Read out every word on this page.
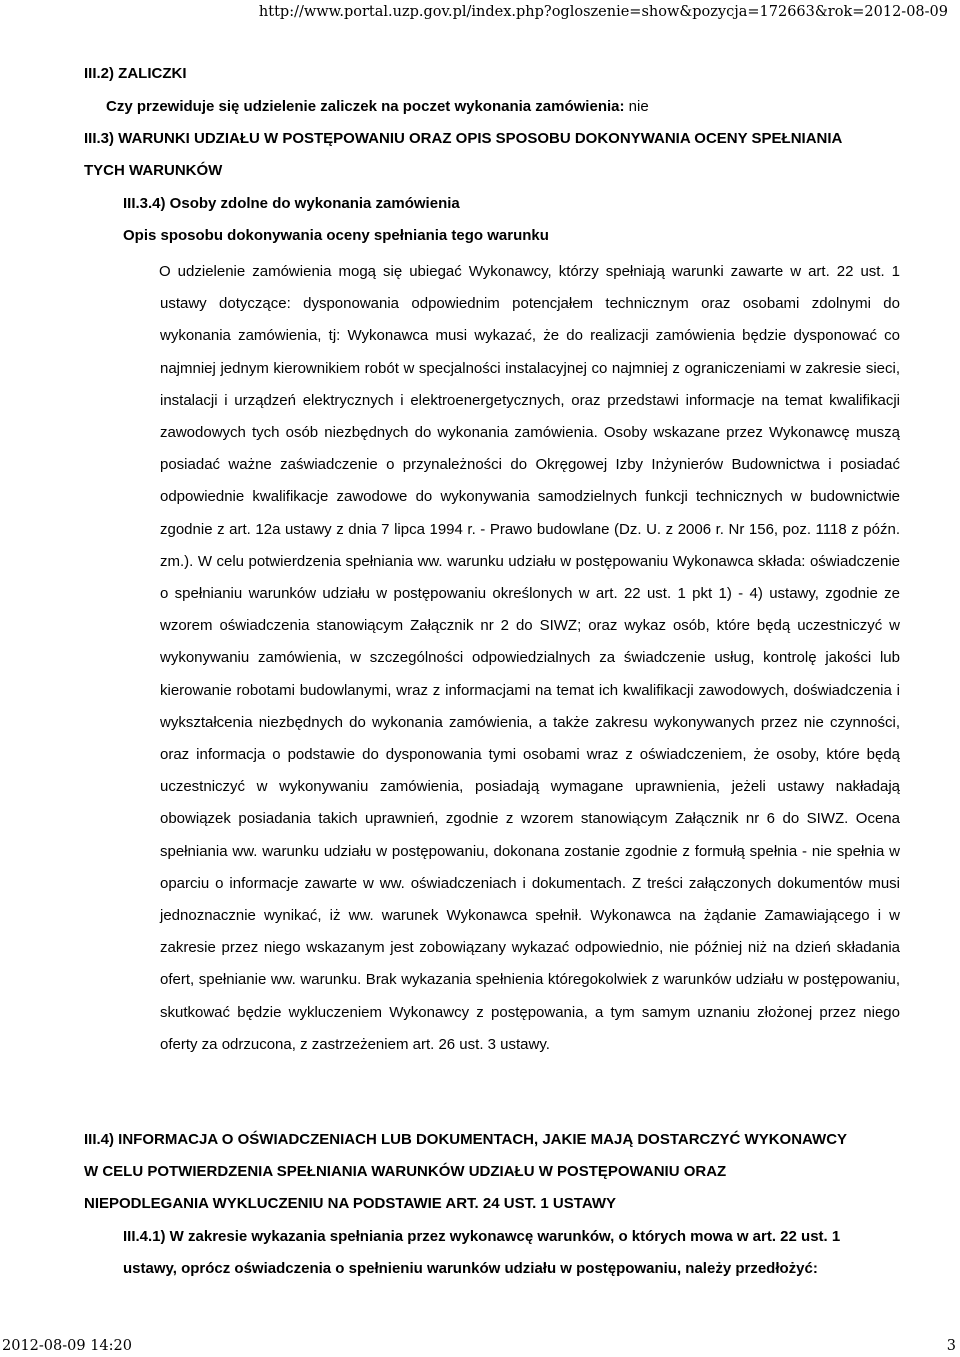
http://www.portal.uzp.gov.pl/index.php?ogloszenie=show&pozycja=172663&rok=2012-08-09
III.2) ZALICZKI
Czy przewiduje się udzielenie zaliczek na poczet wykonania zamówienia: nie
III.3) WARUNKI UDZIAŁU W POSTĘPOWANIU ORAZ OPIS SPOSOBU DOKONYWANIA OCENY SPEŁNIANIA
TYCH WARUNKÓW
III.3.4) Osoby zdolne do wykonania zamówienia
Opis sposobu dokonywania oceny spełniania tego warunku
O udzielenie zamówienia mogą się ubiegać Wykonawcy, którzy spełniają warunki zawarte w art. 22 ust. 1 ustawy dotyczące: dysponowania odpowiednim potencjałem technicznym oraz osobami zdolnymi do wykonania zamówienia, tj: Wykonawca musi wykazać, że do realizacji zamówienia będzie dysponować co najmniej jednym kierownikiem robót w specjalności instalacyjnej co najmniej z ograniczeniami w zakresie sieci, instalacji i urządzeń elektrycznych i elektroenergetycznych, oraz przedstawi informacje na temat kwalifikacji zawodowych tych osób niezbędnych do wykonania zamówienia. Osoby wskazane przez Wykonawcę muszą posiadać ważne zaświadczenie o przynależności do Okręgowej Izby Inżynierów Budownictwa i posiadać odpowiednie kwalifikacje zawodowe do wykonywania samodzielnych funkcji technicznych w budownictwie zgodnie z art. 12a ustawy z dnia 7 lipca 1994 r. - Prawo budowlane (Dz. U. z 2006 r. Nr 156, poz. 1118 z późn. zm.). W celu potwierdzenia spełniania ww. warunku udziału w postępowaniu Wykonawca składa: oświadczenie o spełnianiu warunków udziału w postępowaniu określonych w art. 22 ust. 1 pkt 1) - 4) ustawy, zgodnie ze wzorem oświadczenia stanowiącym Załącznik nr 2 do SIWZ; oraz wykaz osób, które będą uczestniczyć w wykonywaniu zamówienia, w szczególności odpowiedzialnych za świadczenie usług, kontrolę jakości lub kierowanie robotami budowlanymi, wraz z informacjami na temat ich kwalifikacji zawodowych, doświadczenia i wykształcenia niezbędnych do wykonania zamówienia, a także zakresu wykonywanych przez nie czynności, oraz informacja o podstawie do dysponowania tymi osobami wraz z oświadczeniem, że osoby, które będą uczestniczyć w wykonywaniu zamówienia, posiadają wymagane uprawnienia, jeżeli ustawy nakładają obowiązek posiadania takich uprawnień, zgodnie z wzorem stanowiącym Załącznik nr 6 do SIWZ. Ocena spełniania ww. warunku udziału w postępowaniu, dokonana zostanie zgodnie z formułą spełnia - nie spełnia w oparciu o informacje zawarte w ww. oświadczeniach i dokumentach. Z treści załączonych dokumentów musi jednoznacznie wynikać, iż ww. warunek Wykonawca spełnił. Wykonawca na żądanie Zamawiającego i w zakresie przez niego wskazanym jest zobowiązany wykazać odpowiednio, nie później niż na dzień składania ofert, spełnianie ww. warunku. Brak wykazania spełnienia któregokolwiek z warunków udziału w postępowaniu, skutkować będzie wykluczeniem Wykonawcy z postępowania, a tym samym uznaniu złożonej przez niego oferty za odrzucona, z zastrzeżeniem art. 26 ust. 3 ustawy.
III.4) INFORMACJA O OŚWIADCZENIACH LUB DOKUMENTACH, JAKIE MAJĄ DOSTARCZYĆ WYKONAWCY
W CELU POTWIERDZENIA SPEŁNIANIA WARUNKÓW UDZIAŁU W POSTĘPOWANIU ORAZ
NIEPODLEGANIA WYKLUCZENIU NA PODSTAWIE ART. 24 UST. 1 USTAWY
III.4.1) W zakresie wykazania spełniania przez wykonawcę warunków, o których mowa w art. 22 ust. 1
ustawy, oprócz oświadczenia o spełnieniu warunków udziału w postępowaniu, należy przedłożyć:
2012-08-09 14:20	3
